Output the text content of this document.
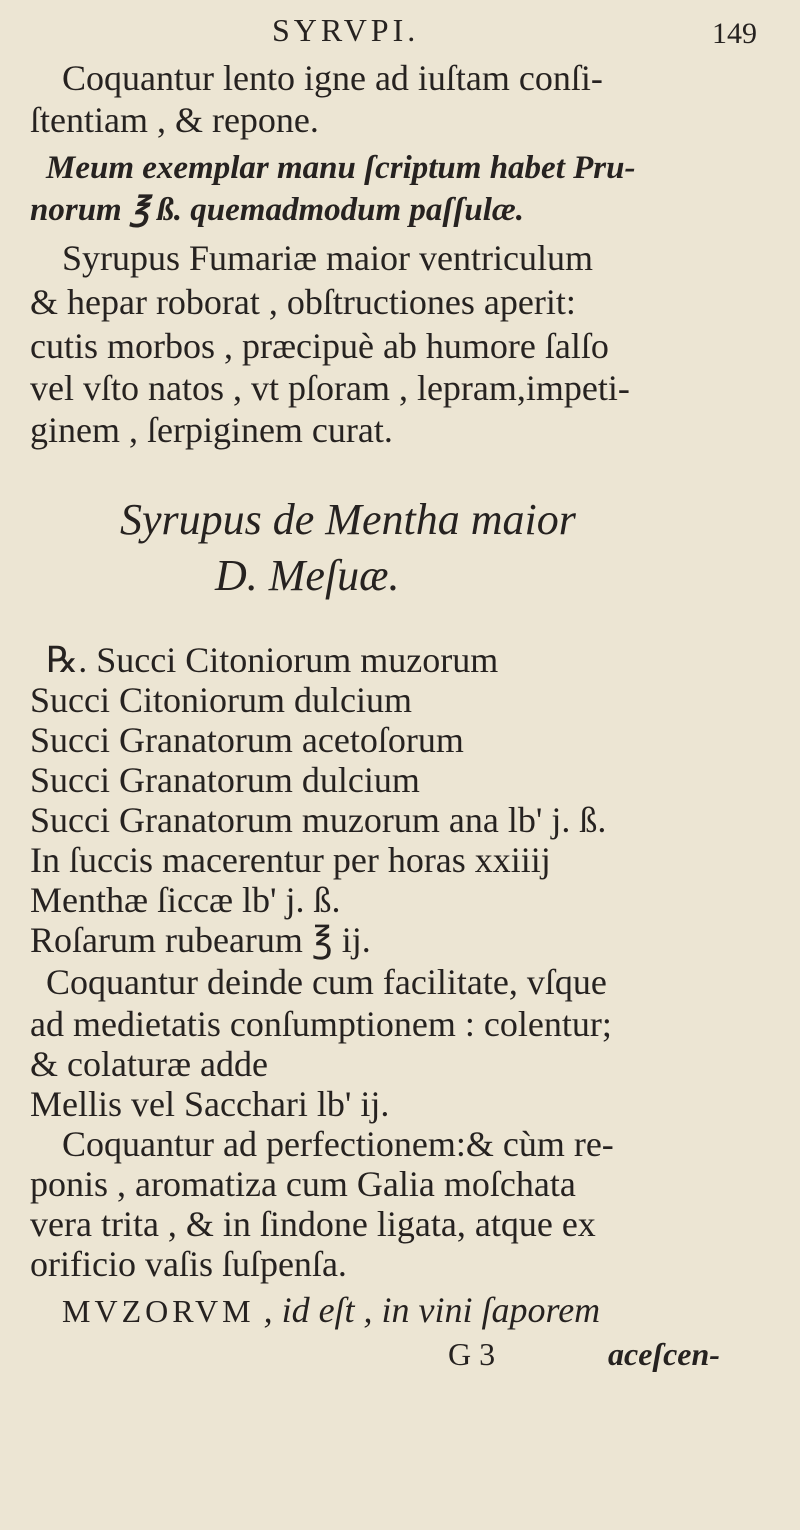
SYRVPI.	149
Coquantur lento igne ad iuſtam conſi-
ſtentiam , & repone.
Meum exemplar manu ſcriptum habet Pru-
norum ℥ ß. quemadmodum paſſulæ.
Syrupus Fumariæ maior ventriculum
& hepar roborat , obſtructiones aperit:
cutis morbos , præcipuè ab humore ſalſo
vel vſto natos , vt pſoram , lepram,impeti-
ginem , ſerpiginem curat.
Syrupus de Mentha maior
D. Meſuæ.
℞. Succi Citoniorum muzorum
Succi Citoniorum dulcium
Succi Granatorum acetoſorum
Succi Granatorum dulcium
Succi Granatorum muzorum ana lb' j. ß.
In ſuccis macerentur per horas xxiiij
Menthæ ſiccæ lb' j. ß.
Roſarum rubearum ℥ ij.
Coquantur deinde cum facilitate, vſque
ad medietatis conſumptionem : colentur;
& colaturæ adde
Mellis vel Sacchari lb' ij.
Coquantur ad perfectionem:& cùm re-
ponis , aromatiza cum Galia moſchata
vera trita , & in ſindone ligata, atque ex
orificio vaſis ſuſpenſa.
MVZORVM , id eſt , in vini ſaporem
G 3	aceſcen-
